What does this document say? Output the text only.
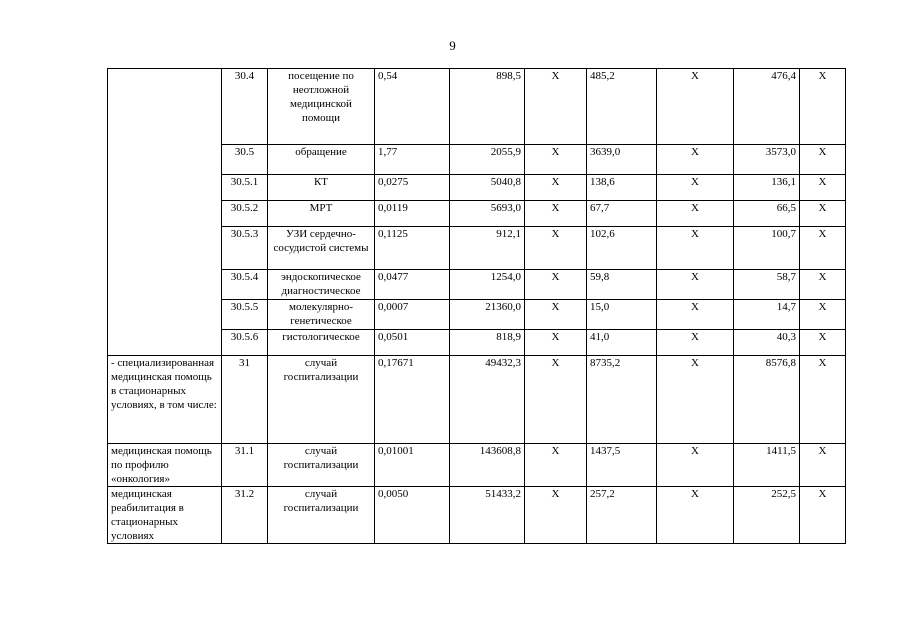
9
	30.4	посещение по неотложной медицинской помощи	0,54	898,5	Х	485,2	Х	476,4	Х
	30.5	обращение	1,77	2055,9	Х	3639,0	Х	3573,0	Х
	30.5.1	КТ	0,0275	5040,8	Х	138,6	Х	136,1	Х
	30.5.2	МРТ	0,0119	5693,0	Х	67,7	Х	66,5	Х
	30.5.3	УЗИ сердечно-сосудистой системы	0,1125	912,1	Х	102,6	Х	100,7	Х
	30.5.4	эндоскопическое диагностическое	0,0477	1254,0	Х	59,8	Х	58,7	Х
	30.5.5	молекулярно-генетическое	0,0007	21360,0	Х	15,0	Х	14,7	Х
	30.5.6	гистологическое	0,0501	818,9	Х	41,0	Х	40,3	Х
- специализированная медицинская помощь в стационарных условиях, в том числе:	31	случай госпитализации	0,17671	49432,3	Х	8735,2	Х	8576,8	Х
медицинская помощь по профилю «онкология»	31.1	случай госпитализации	0,01001	143608,8	Х	1437,5	Х	1411,5	Х
медицинская реабилитация в стационарных условиях	31.2	случай госпитализации	0,0050	51433,2	Х	257,2	Х	252,5	Х
